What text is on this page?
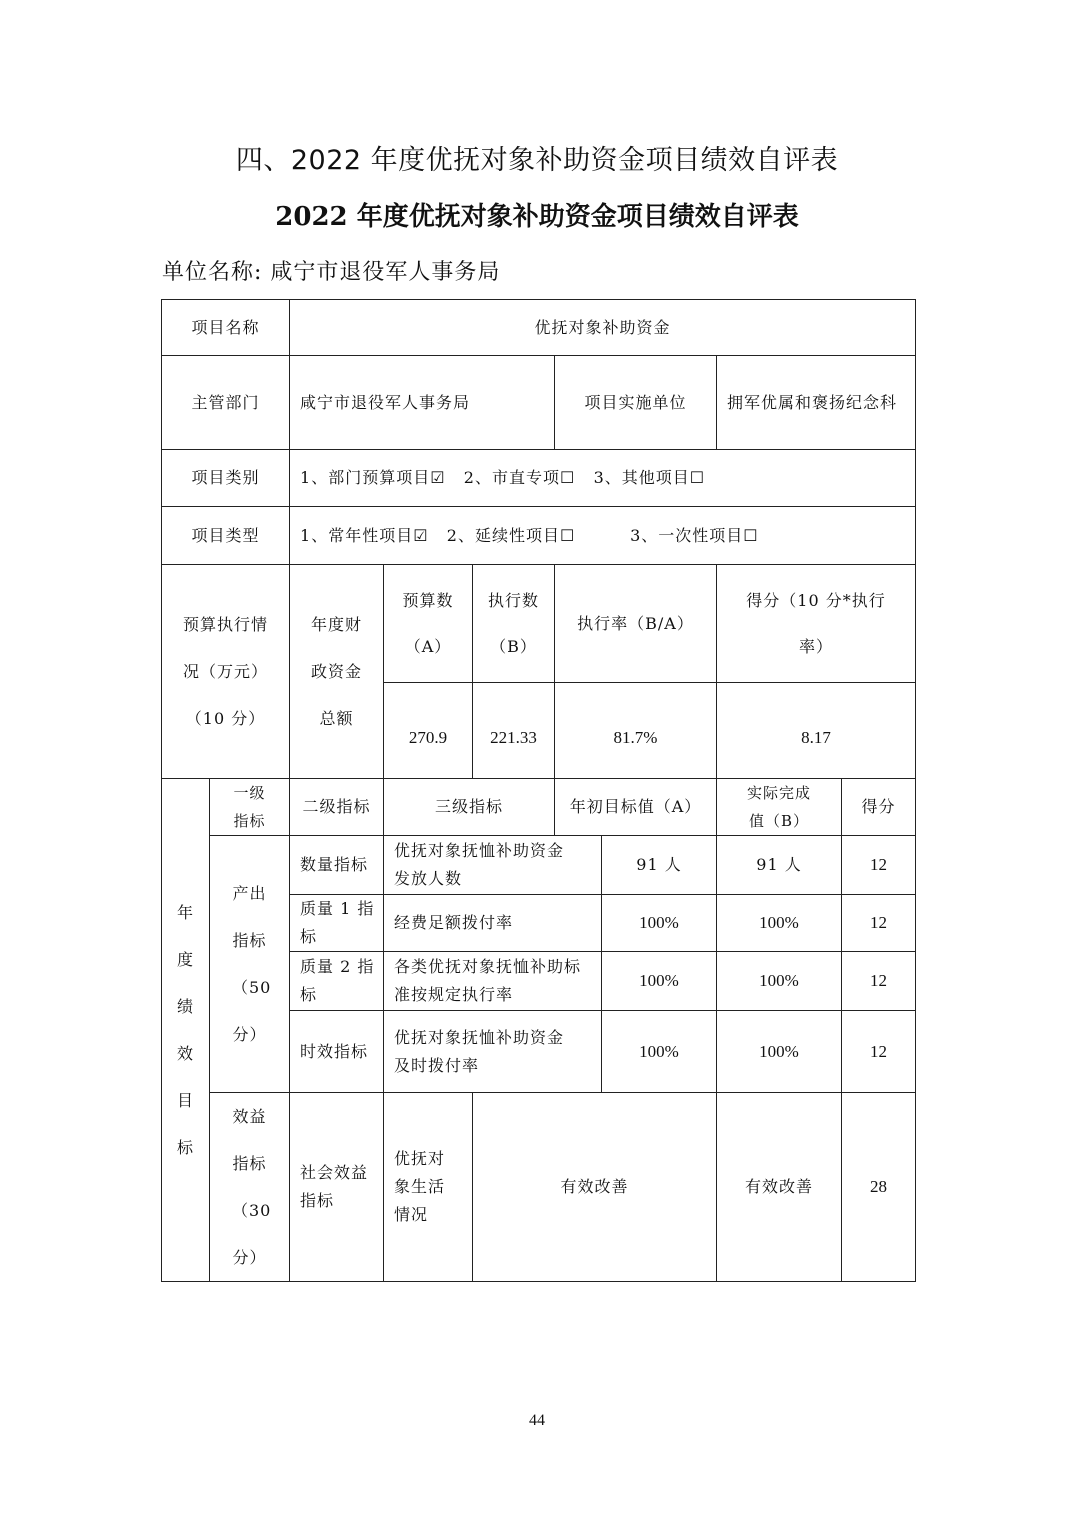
四、2022 年度优抚对象补助资金项目绩效自评表
2022 年度优抚对象补助资金项目绩效自评表
单位名称: 咸宁市退役军人事务局
项目名称		优抚对象补助资金						
主管部门		咸宁市退役军人事务局			项目实施单位		拥军优属和褒扬纪念科	
项目类别		1、部门预算项目☑   2、市直专项☐   3、其他项目☐						
项目类型		1、常年性项目☑   2、延续性项目☐         3、一次性项目☐						
预算执行情况（万元）（10 分）		年度财政资金总额	预算数（A）	执行数（B）	执行率（B/A）		得分（10 分*执行率）	
			270.9	221.33	81.7%		8.17	
年度绩效目标	一级指标	二级指标	三级指标		年初目标值（A）		实际完成值（B）	得分
	产出指标（50 分）	数量指标	优抚对象抚恤补助资金发放人数			91 人	91 人	12
		质量 1 指标	经费足额拨付率			100%	100%	12
		质量 2 指标	各类优抚对象抚恤补助标准按规定执行率			100%	100%	12
		时效指标	优抚对象抚恤补助资金及时拨付率			100%	100%	12
	效益指标（30 分）	社会效益指标	优抚对象生活情况	有效改善			有效改善	28
44
